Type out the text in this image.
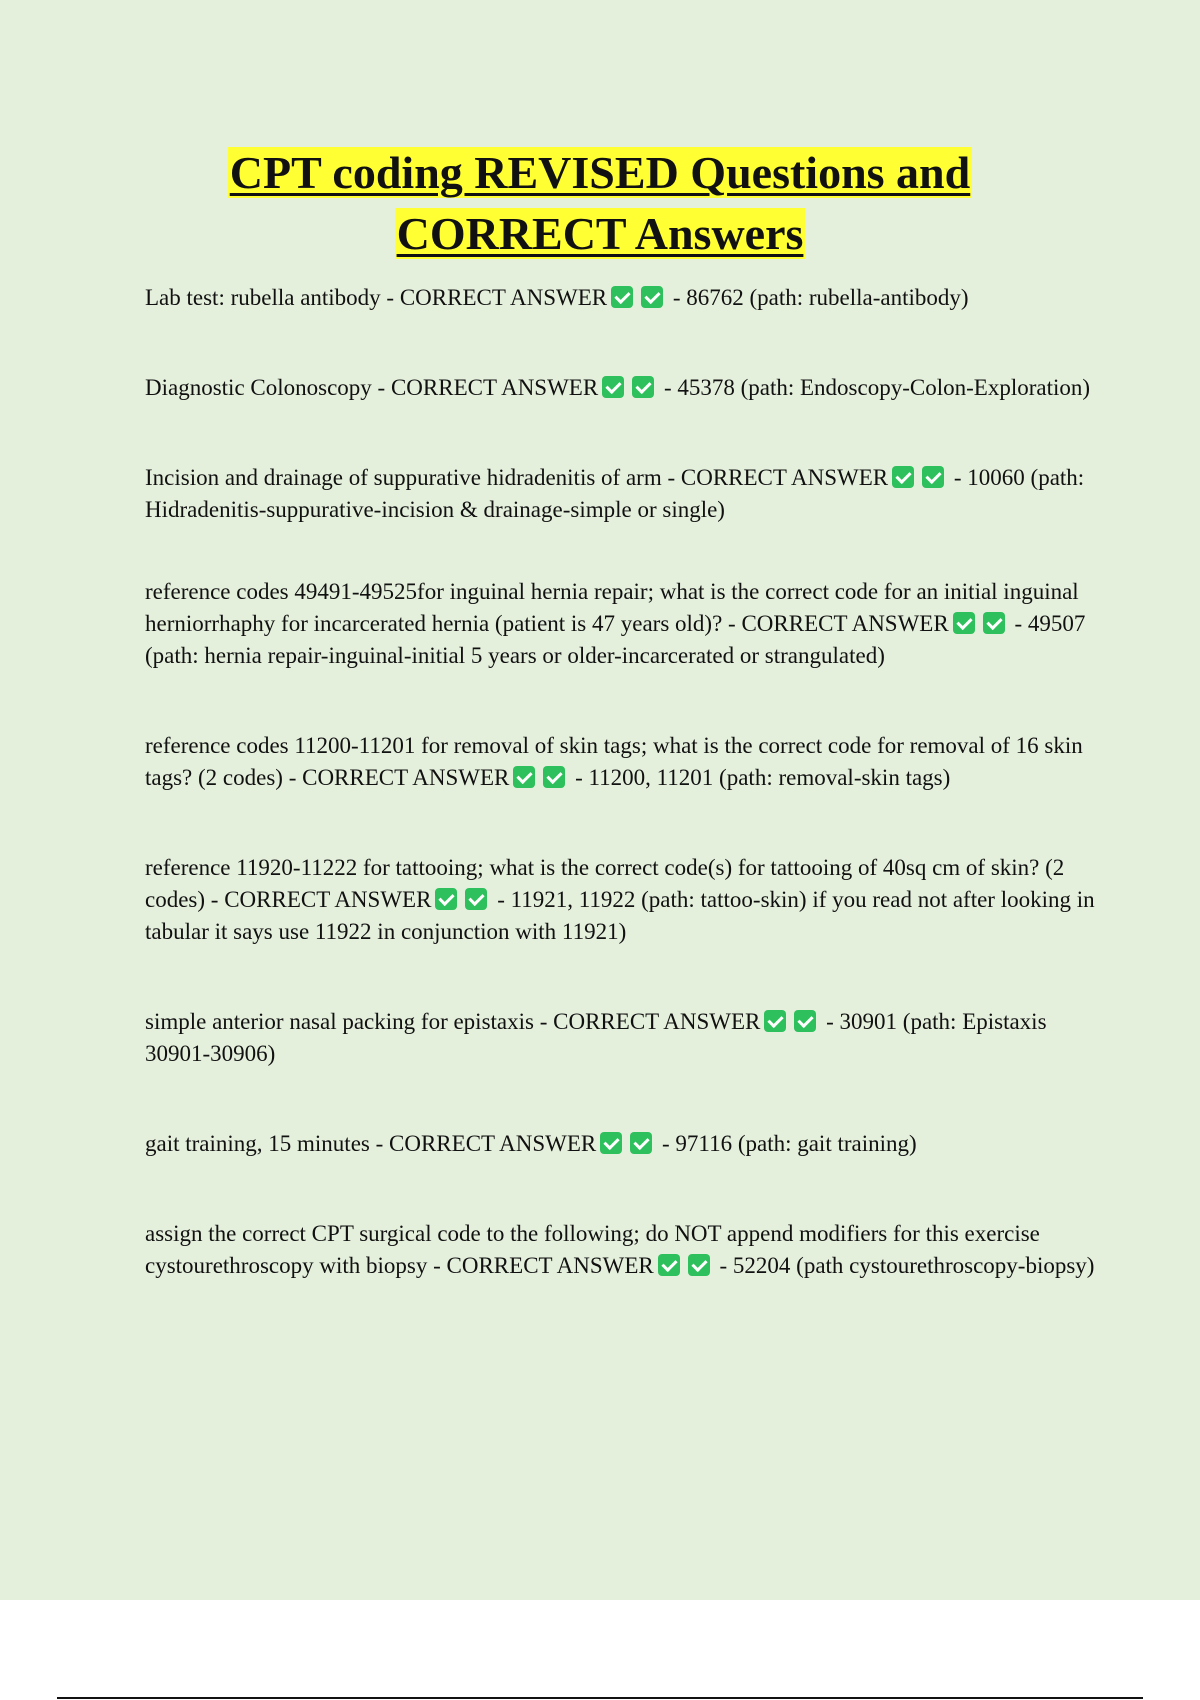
CPT coding REVISED Questions and
CORRECT Answers

Lab test: rubella antibody - CORRECT ANSWER	- 86762 (path: rubella-antibody)

Diagnostic Colonoscopy - CORRECT ANSWER	- 45378 (path: Endoscopy-Colon-Exploration)

Incision and drainage of suppurative hidradenitis of arm - CORRECT ANSWER	- 10060 (path: Hidradenitis-suppurative-incision & drainage-simple or single)

reference codes 49491-49525for inguinal hernia repair; what is the correct code for an initial inguinal herniorrhaphy for incarcerated hernia (patient is 47 years old)? - CORRECT ANSWER	- 49507 (path: hernia repair-inguinal-initial 5 years or older-incarcerated or strangulated)

reference codes 11200-11201 for removal of skin tags; what is the correct code for removal of 16 skin tags? (2 codes) - CORRECT ANSWER	- 11200, 11201 (path: removal-skin tags)

reference 11920-11222 for tattooing; what is the correct code(s) for tattooing of 40sq cm of skin? (2 codes) - CORRECT ANSWER	- 11921, 11922 (path: tattoo-skin) if you read not after looking in tabular it says use 11922 in conjunction with 11921)

simple anterior nasal packing for epistaxis - CORRECT ANSWER	- 30901 (path: Epistaxis 30901-30906)

gait training, 15 minutes - CORRECT ANSWER	- 97116 (path: gait training)

assign the correct CPT surgical code to the following; do NOT append modifiers for this exercise cystourethroscopy with biopsy - CORRECT ANSWER	- 52204 (path cystourethroscopy-biopsy)
